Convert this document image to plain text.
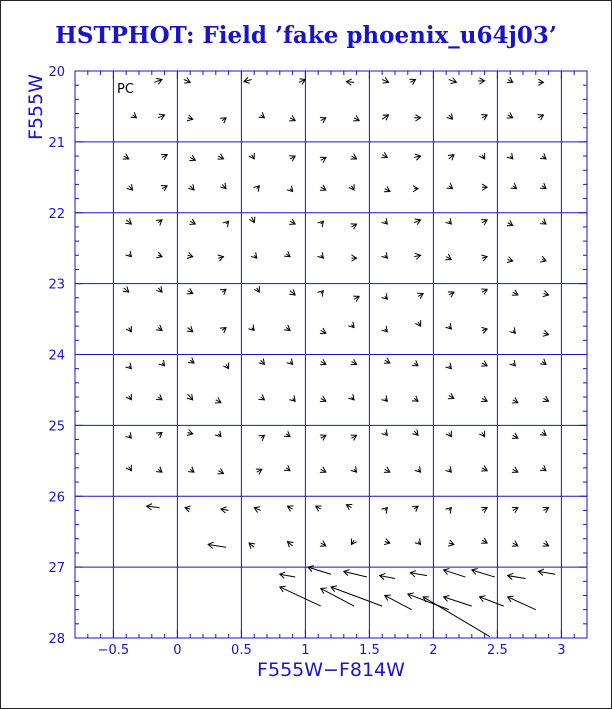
HSTPHOT: Field ’fake phoenix_u64j03’
−0.5	0	0.5	1	1.5	2	2.5	3
20
21
22
23
24
25
26
27
28
PC
F555W−F814W
F555W
